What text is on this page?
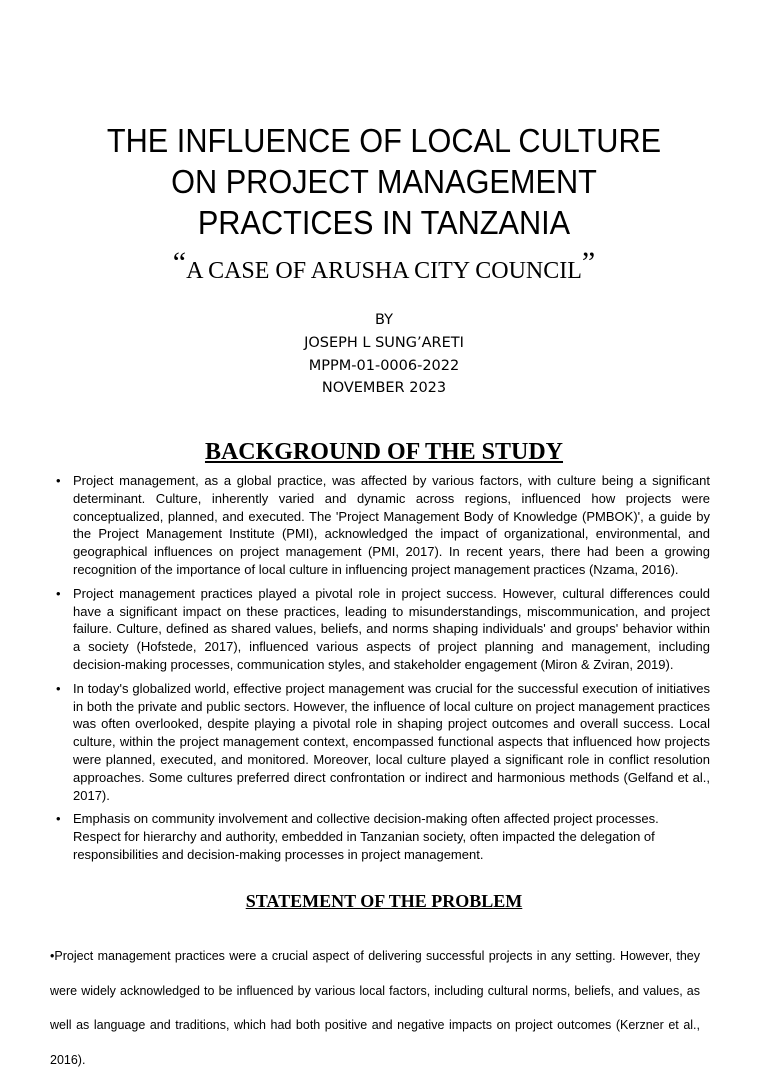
THE INFLUENCE OF LOCAL CULTURE
ON PROJECT MANAGEMENT
PRACTICES IN TANZANIA

“A CASE OF ARUSHA CITY COUNCIL”

BY

JOSEPH L SUNG’ARETI

MPPM-01-0006-2022

NOVEMBER 2023

BACKGROUND OF THE STUDY
• Project management, as a global practice, was affected by various factors, with culture being a significant determinant. Culture, inherently varied and dynamic across regions, influenced how projects were conceptualized, planned, and executed. The 'Project Management Body of Knowledge (PMBOK)', a guide by the Project Management Institute (PMI), acknowledged the impact of organizational, environmental, and geographical influences on project management (PMI, 2017). In recent years, there had been a growing recognition of the importance of local culture in influencing project management practices (Nzama, 2016).
• Project management practices played a pivotal role in project success. However, cultural differences could have a significant impact on these practices, leading to misunderstandings, miscommunication, and project failure. Culture, defined as shared values, beliefs, and norms shaping individuals' and groups' behavior within a society (Hofstede, 2017), influenced various aspects of project planning and management, including decision-making processes, communication styles, and stakeholder engagement (Miron & Zviran, 2019).
• In today's globalized world, effective project management was crucial for the successful execution of initiatives in both the private and public sectors. However, the influence of local culture on project management practices was often overlooked, despite playing a pivotal role in shaping project outcomes and overall success. Local culture, within the project management context, encompassed functional aspects that influenced how projects were planned, executed, and monitored. Moreover, local culture played a significant role in conflict resolution approaches. Some cultures preferred direct confrontation or indirect and harmonious methods (Gelfand et al., 2017).
• Emphasis on community involvement and collective decision-making often affected project processes. Respect for hierarchy and authority, embedded in Tanzanian society, often impacted the delegation of responsibilities and decision-making processes in project management.
STATEMENT OF THE PROBLEM

•Project management practices were a crucial aspect of delivering successful projects in any setting. However, they were widely acknowledged to be influenced by various local factors, including cultural norms, beliefs, and values, as well as language and traditions, which had both positive and negative impacts on project outcomes (Kerzner et al., 2016).
